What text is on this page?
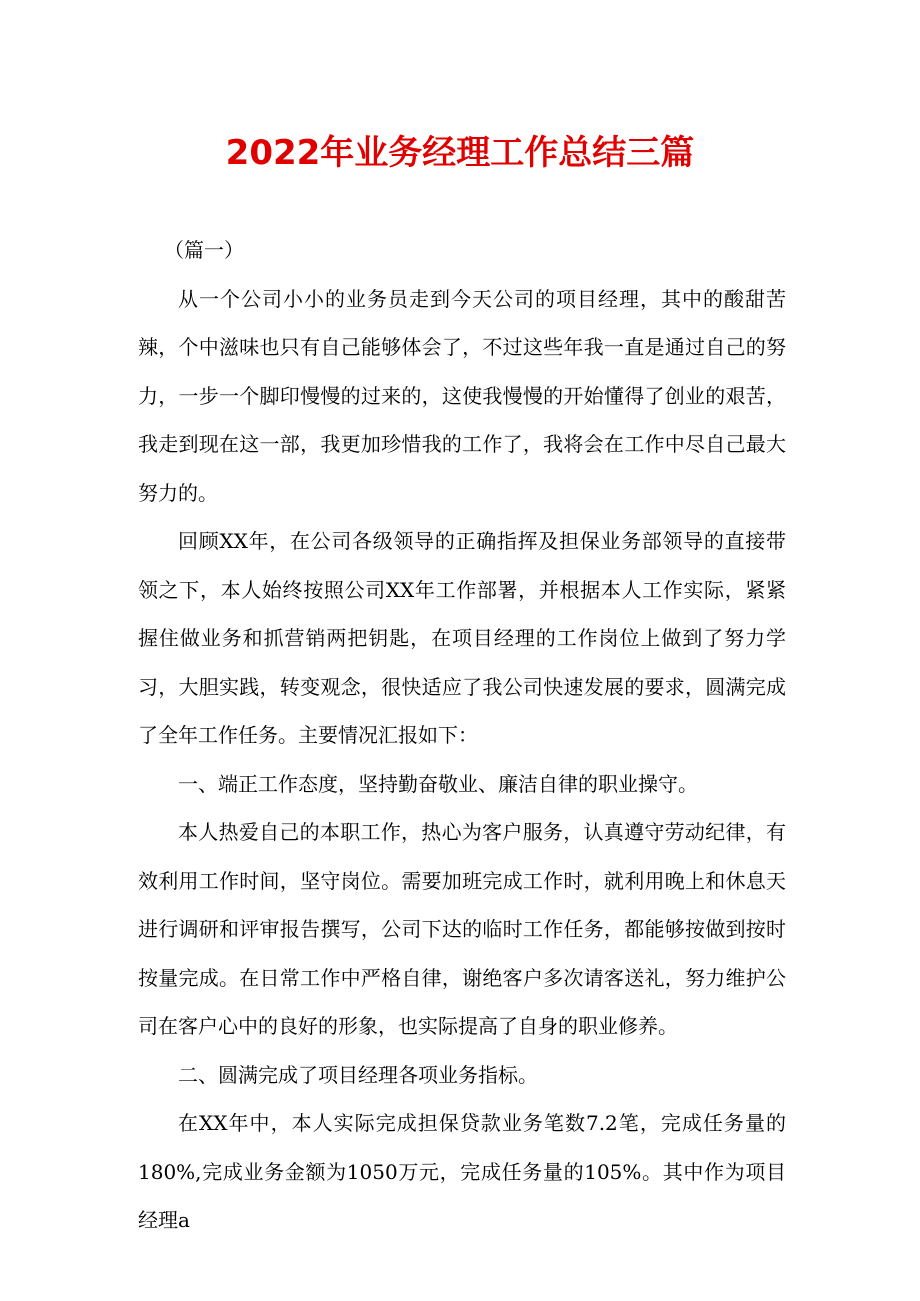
2022年业务经理工作总结三篇

（篇一）

从一个公司小小的业务员走到今天公司的项目经理，其中的酸甜苦辣，个中滋味也只有自己能够体会了，不过这些年我一直是通过自己的努力，一步一个脚印慢慢的过来的，这使我慢慢的开始懂得了创业的艰苦，我走到现在这一部，我更加珍惜我的工作了，我将会在工作中尽自己最大努力的。

回顾XX年，在公司各级领导的正确指挥及担保业务部领导的直接带领之下，本人始终按照公司XX年工作部署，并根据本人工作实际，紧紧握住做业务和抓营销两把钥匙，在项目经理的工作岗位上做到了努力学习，大胆实践，转变观念，很快适应了我公司快速发展的要求，圆满完成了全年工作任务。主要情况汇报如下：

一、端正工作态度，坚持勤奋敬业、廉洁自律的职业操守。

本人热爱自己的本职工作，热心为客户服务，认真遵守劳动纪律，有效利用工作时间，坚守岗位。需要加班完成工作时，就利用晚上和休息天进行调研和评审报告撰写，公司下达的临时工作任务，都能够按做到按时按量完成。在日常工作中严格自律，谢绝客户多次请客送礼，努力维护公司在客户心中的良好的形象，也实际提高了自身的职业修养。

二、圆满完成了项目经理各项业务指标。

在XX年中，本人实际完成担保贷款业务笔数7.2笔，完成任务量的180%,完成业务金额为1050万元，完成任务量的105%。其中作为项目经理a
